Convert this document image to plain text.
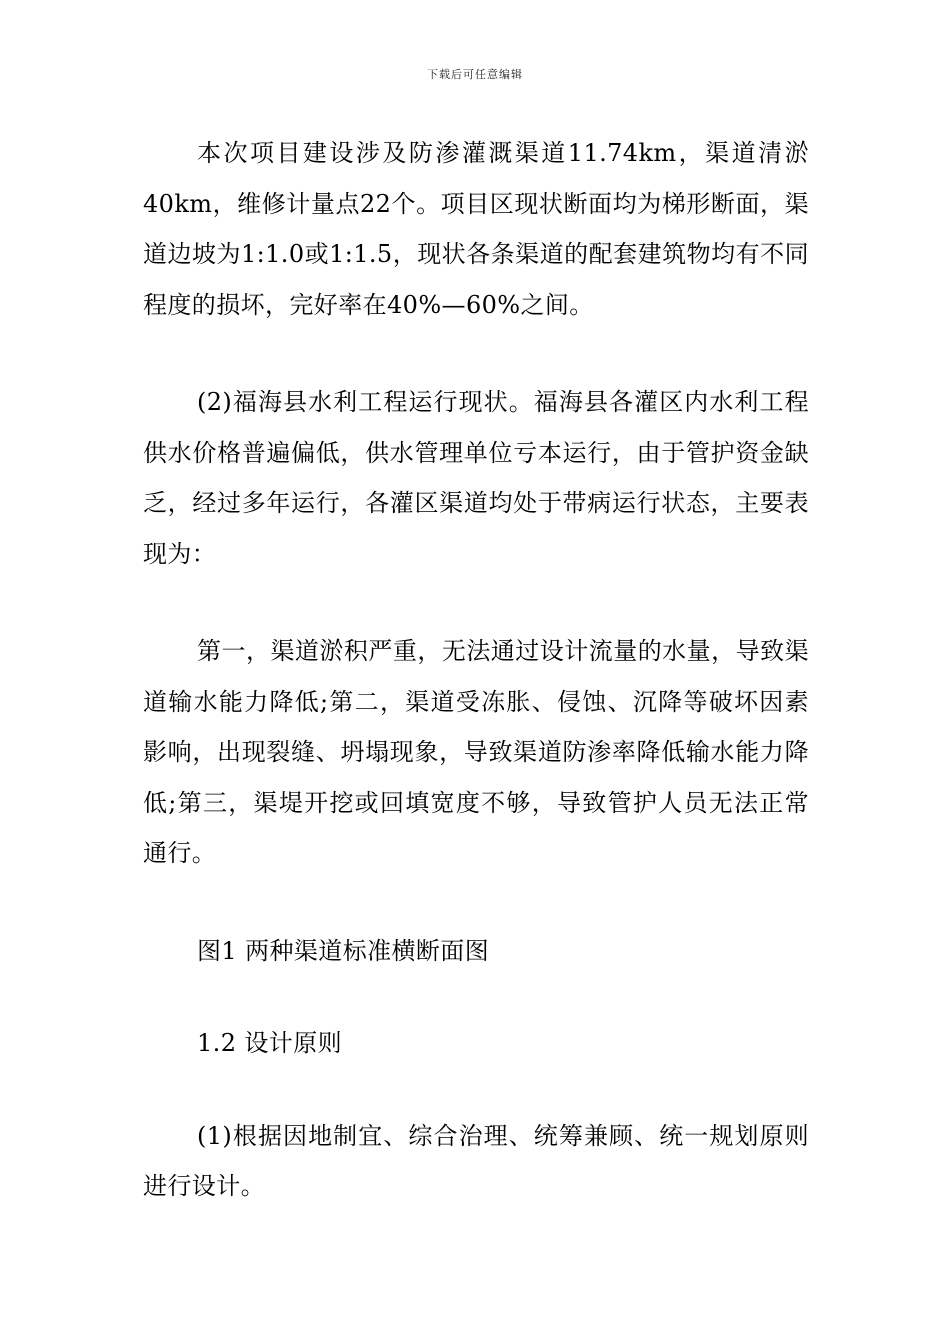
下载后可任意编辑

本次项目建设涉及防渗灌溉渠道11.74km，渠道清淤40km，维修计量点22个。项目区现状断面均为梯形断面，渠道边坡为1:1.0或1:1.5，现状各条渠道的配套建筑物均有不同程度的损坏，完好率在40%—60%之间。

(2)福海县水利工程运行现状。福海县各灌区内水利工程供水价格普遍偏低，供水管理单位亏本运行，由于管护资金缺乏，经过多年运行，各灌区渠道均处于带病运行状态，主要表现为：

第一，渠道淤积严重，无法通过设计流量的水量，导致渠道输水能力降低;第二，渠道受冻胀、侵蚀、沉降等破坏因素影响，出现裂缝、坍塌现象，导致渠道防渗率降低输水能力降低;第三，渠堤开挖或回填宽度不够，导致管护人员无法正常通行。

图1 两种渠道标准横断面图

1.2 设计原则

(1)根据因地制宜、综合治理、统筹兼顾、统一规划原则进行设计。
